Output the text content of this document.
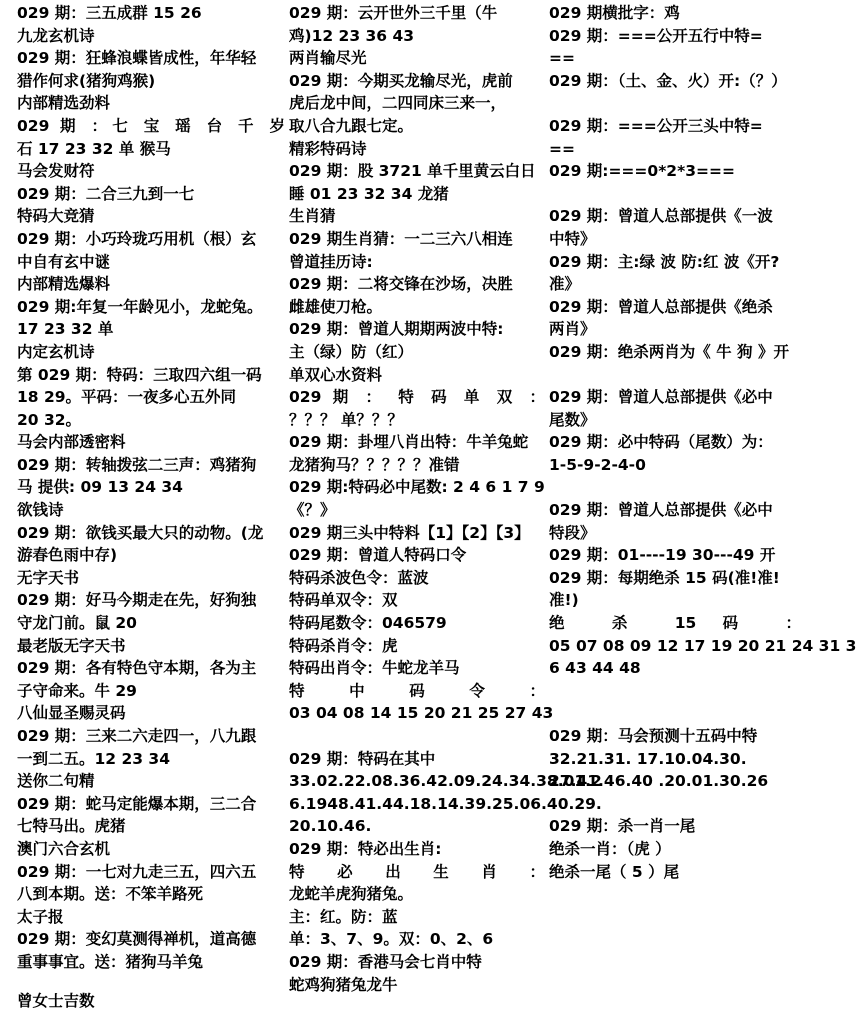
029 期：三五成群 15 26
九龙玄机诗
029 期：狂蜂浪蝶皆成性，年华轻
猎作何求(猪狗鸡猴)
内部精选劲料
029 期 ：七 宝 瑶 台 千 岁
石 17 23 32 单 猴马
马会发财符
029 期：二合三九到一七
特码大竞猜
029 期：小巧玲珑巧用机（根）玄
中自有玄中谜
内部精选爆料
029 期:年复一年龄见小，龙蛇兔。
17 23 32 单
内定玄机诗
第 029 期：特码：三取四六组一码
18 29。平码：一夜多心五外同
20 32。
马会内部透密料
029 期：转轴拨弦二三声：鸡猪狗
马 提供: 09 13 24 34
欲钱诗
029 期：欲钱买最大只的动物。(龙
游春色雨中存)
无字天书
029 期：好马今期走在先，好狗独
守龙门前。鼠 20
最老版无字天书
029 期：各有特色守本期，各为主
子守命来。牛 29
八仙显圣赐灵码
029 期：三来二六走四一，八九跟
一到二五。12 23 34
送你二句精
029 期：蛇马定能爆本期，三二合
七特马出。虎猪
澳门六合玄机
029 期：一七对九走三五，四六五
八到本期。送：不笨羊路死
太子报
029 期：变幻莫测得禅机，道高德
重事事宜。送：猪狗马羊兔
029 期：云开世外三千里（牛
鸡)12 23 36 43
两肖输尽光
029 期：今期买龙输尽光，虎前
虎后龙中间，二四同床三来一，
取八合九跟七定。
精彩特码诗
029 期：股 3721 单千里黄云白日
睡 01 23 32 34 龙猪
生肖猜
029 期生肖猜：一二三六八相连
曾道挂历诗:
029 期：二将交锋在沙场，决胜
雌雄使刀枪。
029 期：曾道人期期两波中特:
主（绿）防（红）
单双心水资料
029 期 ： 特 码 单 双 ：
？？？ 单？？？
029 期：卦埋八肖出特：牛羊兔蛇
龙猪狗马？？？？？准错
029 期:特码必中尾数: 2 4 6 1 7 9
《？》
029 期三头中特料【1】【2】【3】
029 期：曾道人特码口令
特码杀波色令：蓝波
特码单双令：双
特码尾数令：046579
特码杀肖令：虎
特码出肖令：牛蛇龙羊马
特 中 码 令 ：
03 04 08 14 15 20 21 25 27 43
029 期：特码在其中
33.02.22.08.36.42.09.24.34.38.01.2
6.1948.41.44.18.14.39.25.06.40.29.
20.10.46.
029 期：特必出生肖:
特 必 出 生 肖 ：
龙蛇羊虎狗猪兔。
主：红。防：蓝
单：3、7、9。双：0、2、6
029 期：香港马会七肖中特
蛇鸡狗猪兔龙牛
029 期横批字：鸡
029 期：===公开五行中特=
==
029 期：（土、金、火）开:（？）
029 期：===公开三头中特=
==
029 期:===0*2*3===
029 期：曾道人总部提供《一波
中特》
029 期：主:绿 波 防:红 波《开?
准》
029 期：曾道人总部提供《绝杀
两肖》
029 期：绝杀两肖为《 牛 狗 》开
029 期：曾道人总部提供《必中
尾数》
029 期：必中特码（尾数）为：
1-5-9-2-4-0
029 期：曾道人总部提供《必中
特段》
029 期：01----19 30---49 开
029 期：每期绝杀 15 码(准!准!
准!)
绝 杀 15 码 ：
05 07 08 09 12 17 19 20 21 24 31 3
6 43 44 48
029 期：马会预测十五码中特
32.21.31. 17.10.04.30.
27.41.46.40 .20.01.30.26
029 期：杀一肖一尾
绝杀一肖：（虎 ）
绝杀一尾（ 5 ）尾
曾女士吉数
